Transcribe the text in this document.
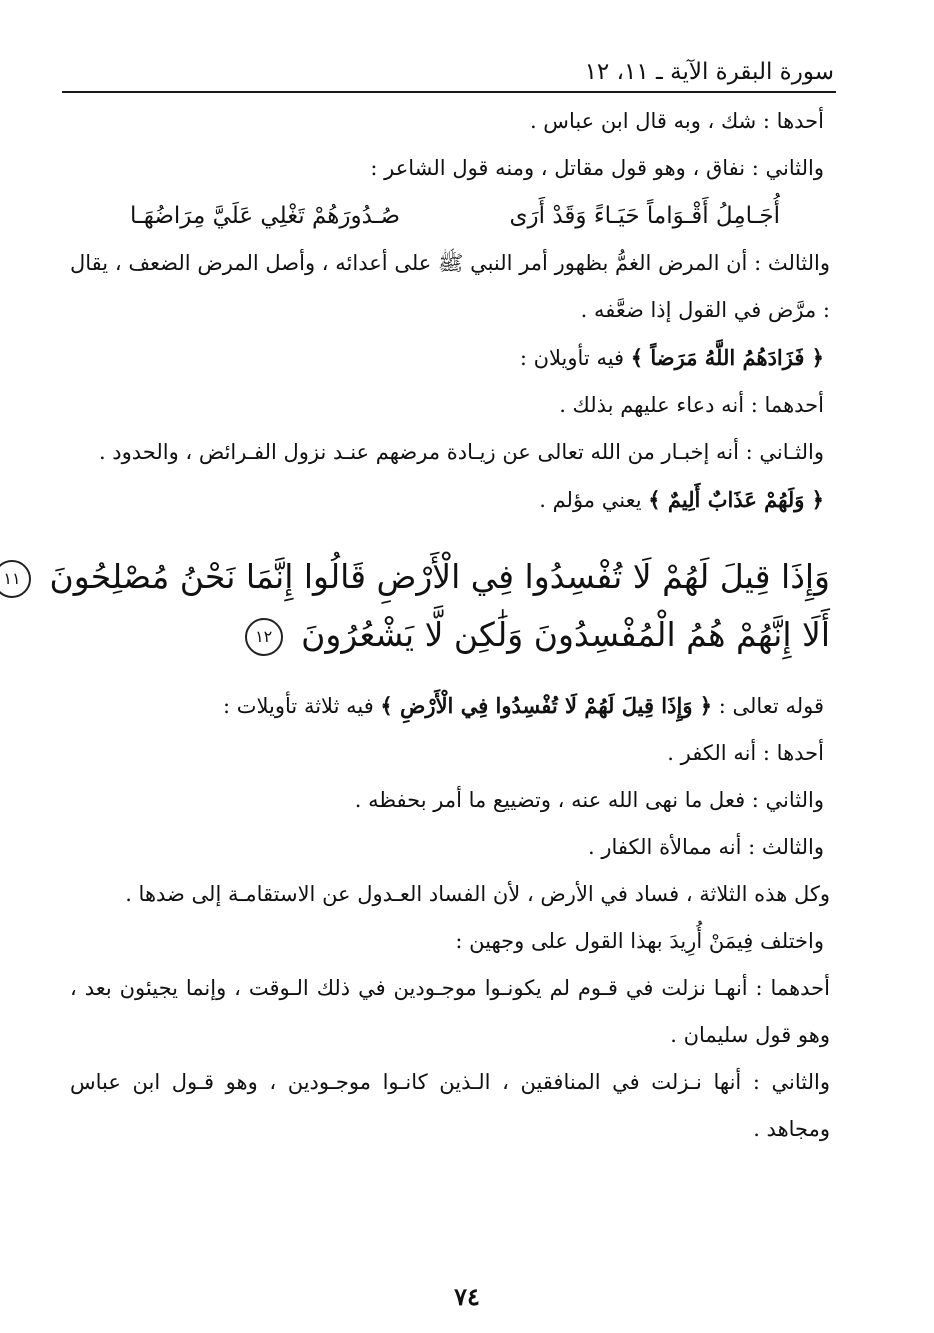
سورة البقرة الآية ـ ١١، ١٢

أحدها : شك ، وبه قال ابن عباس .

والثاني : نفاق ، وهو قول مقاتل ، ومنه قول الشاعر :

أُجَـامِلُ أَقْـوَاماً حَيَـاءً وَقَدْ أَرَى
صُـدُورَهُمْ تَغْلِي عَلَيَّ مِرَاضُهَـا

والثالث : أن المرض الغمُّ بظهور أمر النبي ﷺ على أعدائه ، وأصل المرض الضعف ، يقال : مرَّض في القول إذا ضعَّفه .

﴿ فَزَادَهُمُ اللَّهُ مَرَضاً ﴾ فيه تأويلان :

أحدهما : أنه دعاء عليهم بذلك .

والثـاني : أنه إخبـار من الله تعالى عن زيـادة مرضهم عنـد نزول الفـرائض ، والحدود .

﴿ وَلَهُمْ عَذَابٌ أَلِيمٌ ﴾ يعني مؤلم .

وَإِذَا قِيلَ لَهُمْ لَا تُفْسِدُوا فِي الْأَرْضِ قَالُوا إِنَّمَا نَحْنُ مُصْلِحُونَ ١١

أَلَا إِنَّهُمْ هُمُ الْمُفْسِدُونَ وَلَٰكِن لَّا يَشْعُرُونَ ١٢

قوله تعالى : ﴿ وَإِذَا قِيلَ لَهُمْ لَا تُفْسِدُوا فِي الْأَرْضِ ﴾ فيه ثلاثة تأويلات :

أحدها : أنه الكفر .

والثاني : فعل ما نهى الله عنه ، وتضييع ما أمر بحفظه .

والثالث : أنه ممالأة الكفار .

وكل هذه الثلاثة ، فساد في الأرض ، لأن الفساد العـدول عن الاستقامـة إلى ضدها .

واختلف فِيمَنْ أُرِيدَ بهذا القول على وجهين :

أحدهما : أنهـا نزلت في قـوم لم يكونـوا موجـودين في ذلك الـوقت ، وإنما يجيئون بعد ، وهو قول سليمان .

والثاني : أنها نـزلت في المنافقين ، الـذين كانـوا موجـودين ، وهو قـول ابن عباس ومجاهد .

٧٤
